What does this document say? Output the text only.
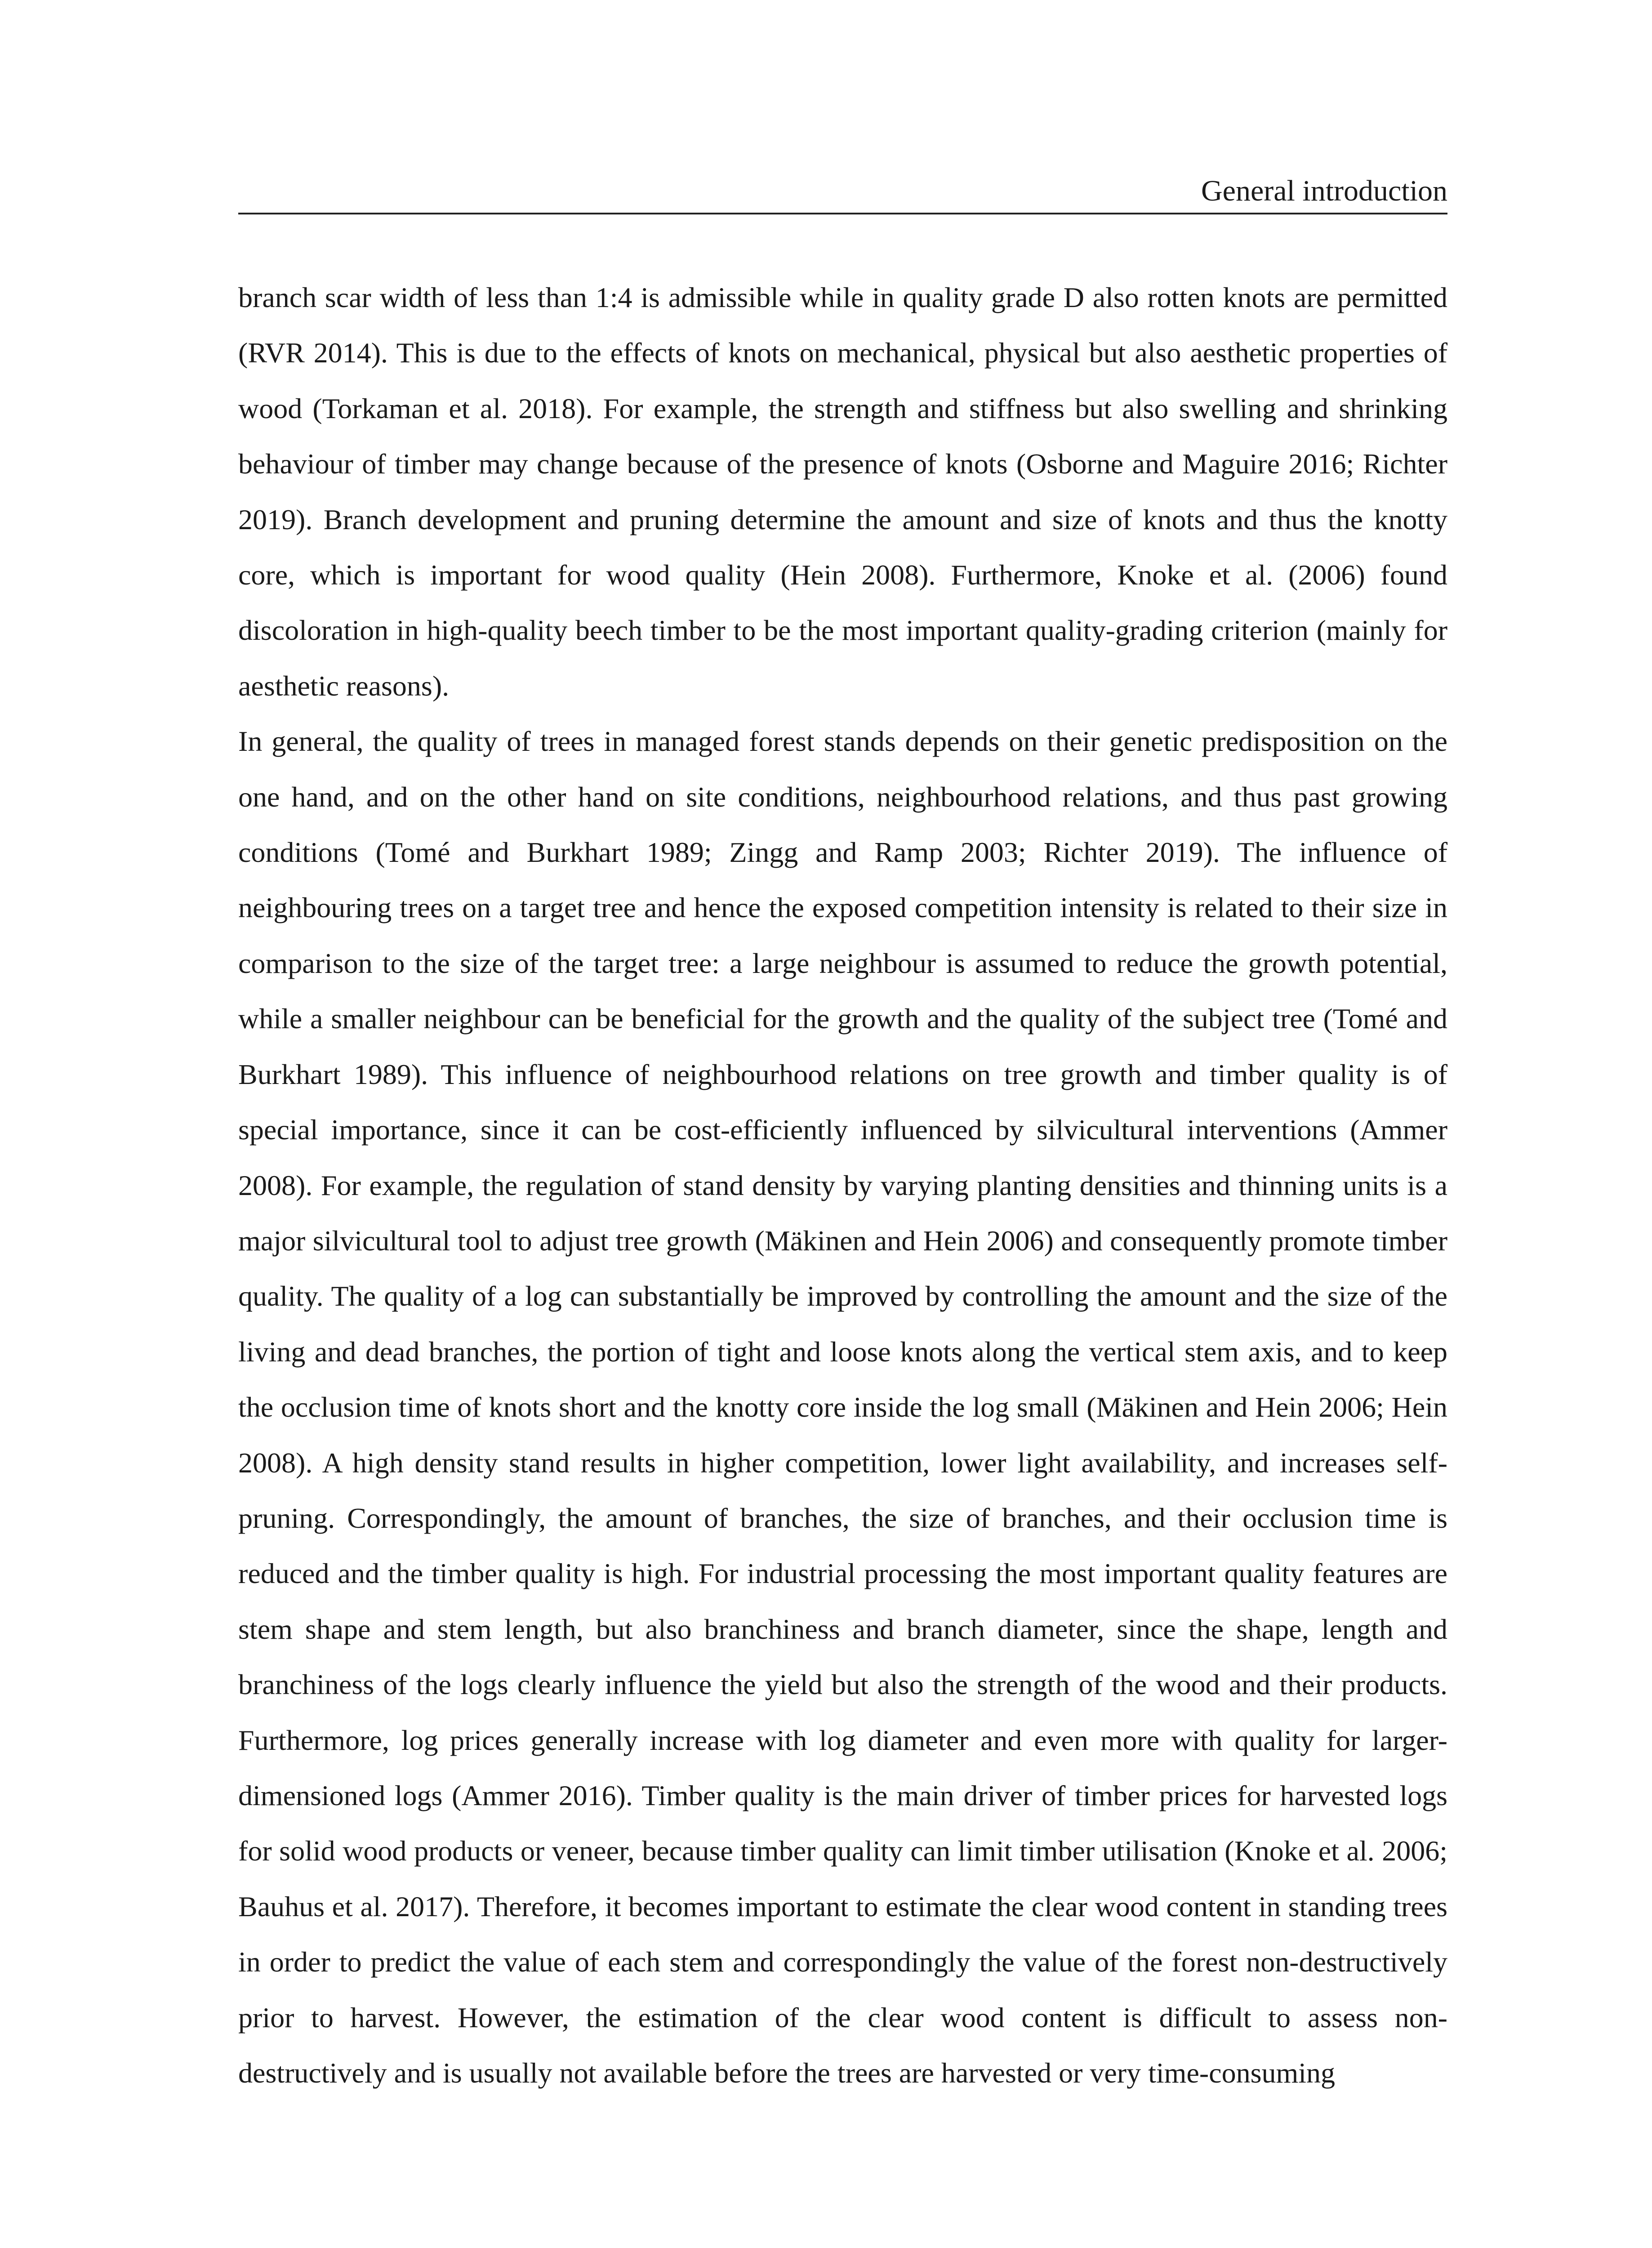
General introduction

branch scar width of less than 1:4 is admissible while in quality grade D also rotten knots are permitted (RVR 2014). This is due to the effects of knots on mechanical, physical but also aesthetic properties of wood (Torkaman et al. 2018). For example, the strength and stiffness but also swelling and shrinking behaviour of timber may change because of the presence of knots (Osborne and Maguire 2016; Richter 2019). Branch development and pruning determine the amount and size of knots and thus the knotty core, which is important for wood quality (Hein 2008). Furthermore, Knoke et al. (2006) found discoloration in high-quality beech timber to be the most important quality-grading criterion (mainly for aesthetic reasons).

In general, the quality of trees in managed forest stands depends on their genetic predisposition on the one hand, and on the other hand on site conditions, neighbourhood relations, and thus past growing conditions (Tomé and Burkhart 1989; Zingg and Ramp 2003; Richter 2019). The influence of neighbouring trees on a target tree and hence the exposed competition intensity is related to their size in comparison to the size of the target tree: a large neighbour is assumed to reduce the growth potential, while a smaller neighbour can be beneficial for the growth and the quality of the subject tree (Tomé and Burkhart 1989). This influence of neighbourhood relations on tree growth and timber quality is of special importance, since it can be cost-efficiently influenced by silvicultural interventions (Ammer 2008). For example, the regulation of stand density by varying planting densities and thinning units is a major silvicultural tool to adjust tree growth (Mäkinen and Hein 2006) and consequently promote timber quality. The quality of a log can substantially be improved by controlling the amount and the size of the living and dead branches, the portion of tight and loose knots along the vertical stem axis, and to keep the occlusion time of knots short and the knotty core inside the log small (Mäkinen and Hein 2006; Hein 2008). A high density stand results in higher competition, lower light availability, and increases self-pruning. Correspondingly, the amount of branches, the size of branches, and their occlusion time is reduced and the timber quality is high. For industrial processing the most important quality features are stem shape and stem length, but also branchiness and branch diameter, since the shape, length and branchiness of the logs clearly influence the yield but also the strength of the wood and their products. Furthermore, log prices generally increase with log diameter and even more with quality for larger-dimensioned logs (Ammer 2016). Timber quality is the main driver of timber prices for harvested logs for solid wood products or veneer, because timber quality can limit timber utilisation (Knoke et al. 2006; Bauhus et al. 2017). Therefore, it becomes important to estimate the clear wood content in standing trees in order to predict the value of each stem and correspondingly the value of the forest non-destructively prior to harvest. However, the estimation of the clear wood content is difficult to assess non-destructively and is usually not available before the trees are harvested or very time-consuming
